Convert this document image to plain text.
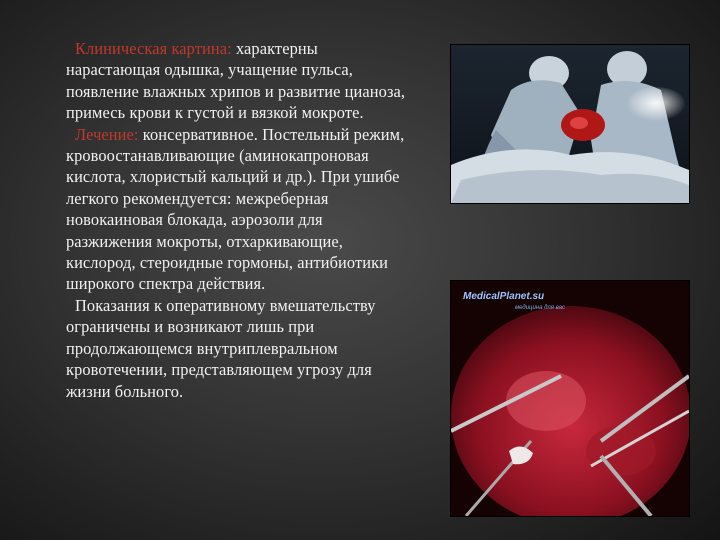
Клиническая картина: характерны нарастающая одышка, учащение пульса, появление влажных хрипов и развитие цианоза, примесь крови к густой и вязкой мокроте.

Лечение: консервативное. Постельный режим, кровоостанавливающие (аминокапроновая кислота, хлористый кальций и др.). При ушибе легкого рекомендуется: межреберная новокаиновая блокада, аэрозоли для разжижения мокроты, отхаркивающие, кислород, стероидные гормоны, антибиотики широкого спектра действия.

Показания к оперативному вмешательству ограничены и возникают лишь при продолжающемся внутриплевральном кровотечении, представляющем угрозу для жизни больного.

MedicalPlanet.su
медицина для вас
